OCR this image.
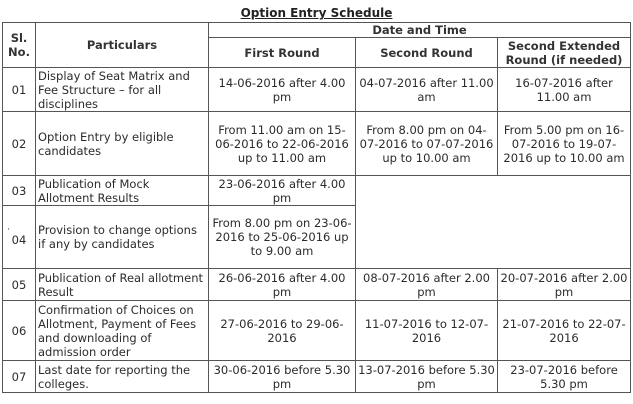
Option Entry Schedule
Sl. No.	Particulars	Date and Time		
		First Round	Second Round	Second Extended Round (if needed)
01	Display of Seat Matrix and Fee Structure – for all disciplines	14-06-2016 after 4.00 pm	04-07-2016 after 11.00 am	16-07-2016 after 11.00 am
02	Option Entry by eligible candidates	From 11.00 am on 15-06-2016 to 22-06-2016 up to 11.00 am	From 8.00 pm on 04-07-2016 to 07-07-2016 up to 10.00 am	From 5.00 pm on 16-07-2016 to 19-07-2016 up to 10.00 am
03	Publication of Mock Allotment Results	23-06-2016 after 4.00 pm		

·
04	Provision to change options if any by candidates	From 8.00 pm on 23-06-2016 to 25-06-2016 up to 9.00 am		
05	Publication of Real allotment Result	26-06-2016 after 4.00 pm	08-07-2016 after 2.00 pm	20-07-2016 after 2.00 pm
06	Confirmation of Choices on Allotment, Payment of Fees and downloading of admission order	27-06-2016 to 29-06-2016	11-07-2016 to 12-07-2016	21-07-2016 to 22-07-2016
07	Last date for reporting the colleges.	30-06-2016 before 5.30 pm	13-07-2016 before 5.30 pm	23-07-2016 before 5.30 pm
